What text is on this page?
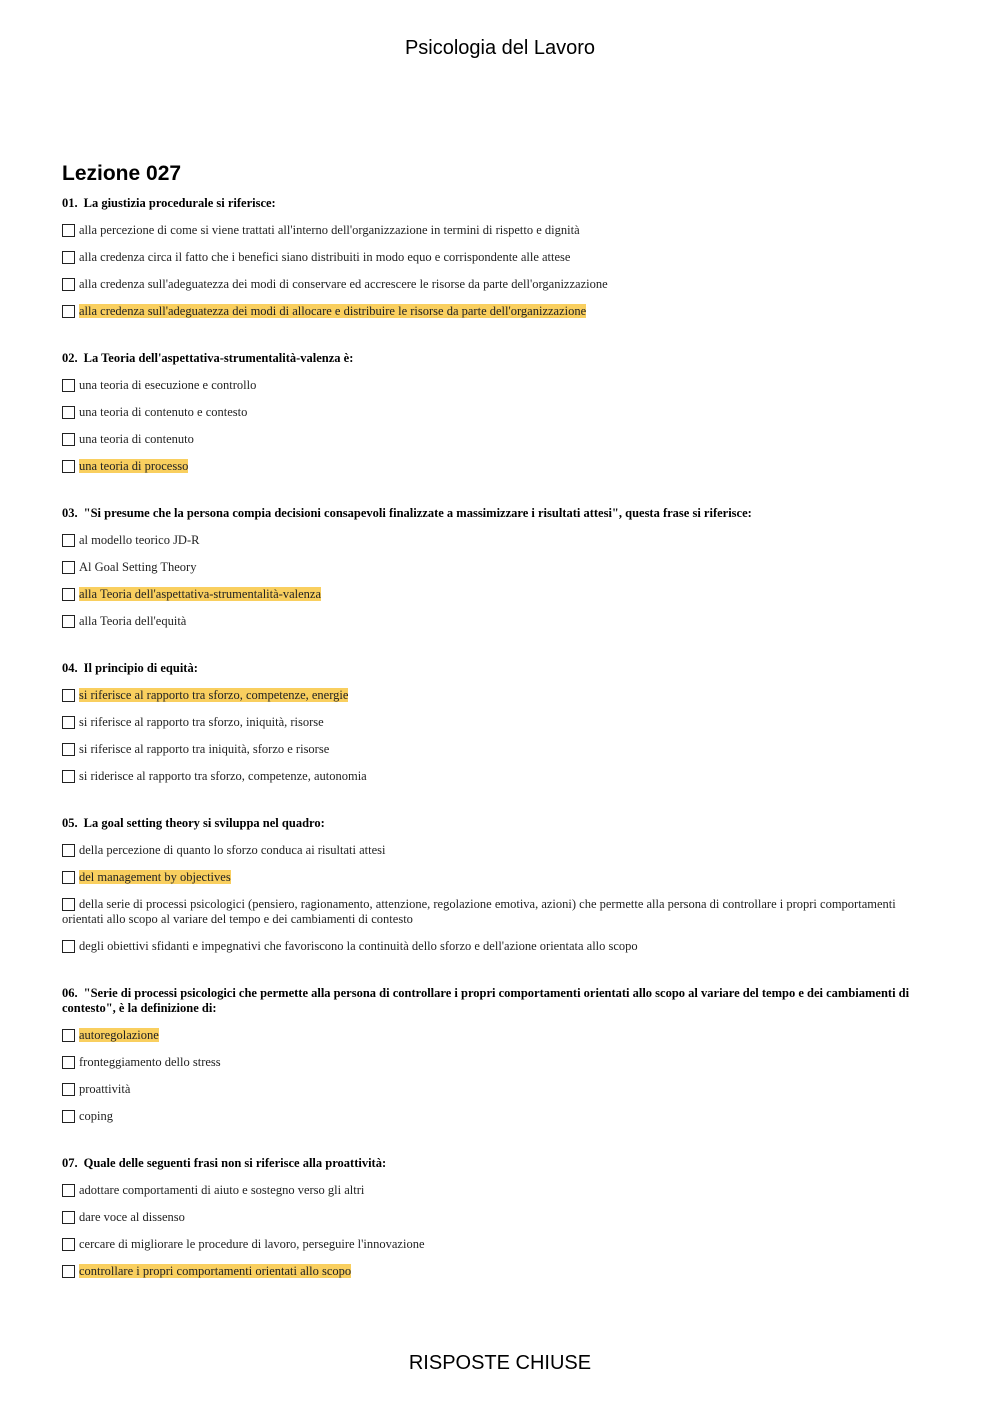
Psicologia del Lavoro
Lezione 027
01. La giustizia procedurale si riferisce:
alla percezione di come si viene trattati all'interno dell'organizzazione in termini di rispetto e dignità
alla credenza circa il fatto che i benefici siano distribuiti in modo equo e corrispondente alle attese
alla credenza sull'adeguatezza dei modi di conservare ed accrescere le risorse da parte dell'organizzazione
alla credenza sull'adeguatezza dei modi di allocare e distribuire le risorse da parte dell'organizzazione
02. La Teoria dell'aspettativa-strumentalità-valenza è:
una teoria di esecuzione e controllo
una teoria di contenuto e contesto
una teoria di contenuto
una teoria di processo
03. "Si presume che la persona compia decisioni consapevoli finalizzate a massimizzare i risultati attesi", questa frase si riferisce:
al modello teorico JD-R
Al Goal Setting Theory
alla Teoria dell'aspettativa-strumentalità-valenza
alla Teoria dell'equità
04. Il principio di equità:
si riferisce al rapporto tra sforzo, competenze, energie
si riferisce al rapporto tra sforzo, iniquità, risorse
si riferisce al rapporto tra iniquità, sforzo e risorse
si riderisce al rapporto tra sforzo, competenze, autonomia
05. La goal setting theory si sviluppa nel quadro:
della percezione di quanto lo sforzo conduca ai risultati attesi
del management by objectives
della serie di processi psicologici (pensiero, ragionamento, attenzione, regolazione emotiva, azioni) che permette alla persona di controllare i propri comportamenti orientati allo scopo al variare del tempo e dei cambiamenti di contesto
degli obiettivi sfidanti e impegnativi che favoriscono la continuità dello sforzo e dell'azione orientata allo scopo
06. "Serie di processi psicologici che permette alla persona di controllare i propri comportamenti orientati allo scopo al variare del tempo e dei cambiamenti di contesto", è la definizione di:
autoregolazione
fronteggiamento dello stress
proattività
coping
07. Quale delle seguenti frasi non si riferisce alla proattività:
adottare comportamenti di aiuto e sostegno verso gli altri
dare voce al dissenso
cercare di migliorare le procedure di lavoro, perseguire l'innovazione
controllare i propri comportamenti orientati allo scopo
RISPOSTE CHIUSE
